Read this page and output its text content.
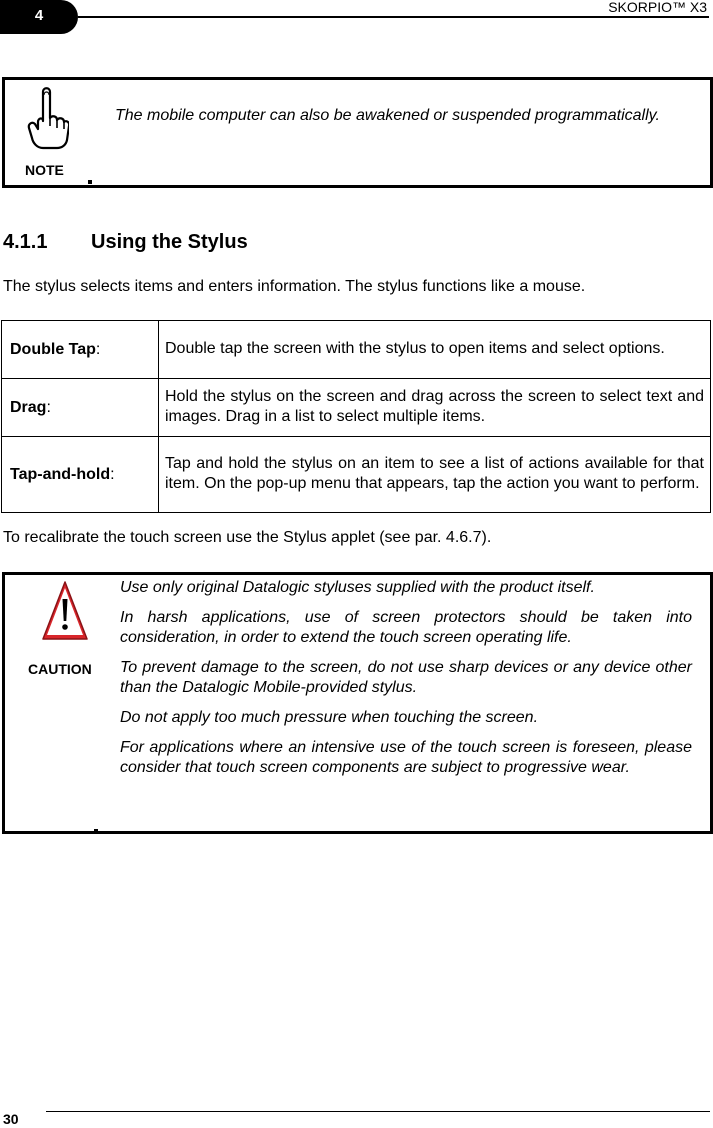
4	SKORPIO™ X3
NOTE
The mobile computer can also be awakened or suspended programmatically.
4.1.1 Using the Stylus
The stylus selects items and enters information. The stylus functions like a mouse.
Double Tap:	Double tap the screen with the stylus to open items and select options.
Drag:	Hold the stylus on the screen and drag across the screen to select text and images. Drag in a list to select multiple items.
Tap-and-hold:	Tap and hold the stylus on an item to see a list of actions available for that item. On the pop-up menu that appears, tap the action you want to perform.
To recalibrate the touch screen use the Stylus applet (see par. 4.6.7).
CAUTION

Use only original Datalogic styluses supplied with the product itself.

In harsh applications, use of screen protectors should be taken into consideration, in order to extend the touch screen operating life.

To prevent damage to the screen, do not use sharp devices or any device other than the Datalogic Mobile-provided stylus.

Do not apply too much pressure when touching the screen.

For applications where an intensive use of the touch screen is foreseen, please consider that touch screen components are subject to progressive wear.

30
